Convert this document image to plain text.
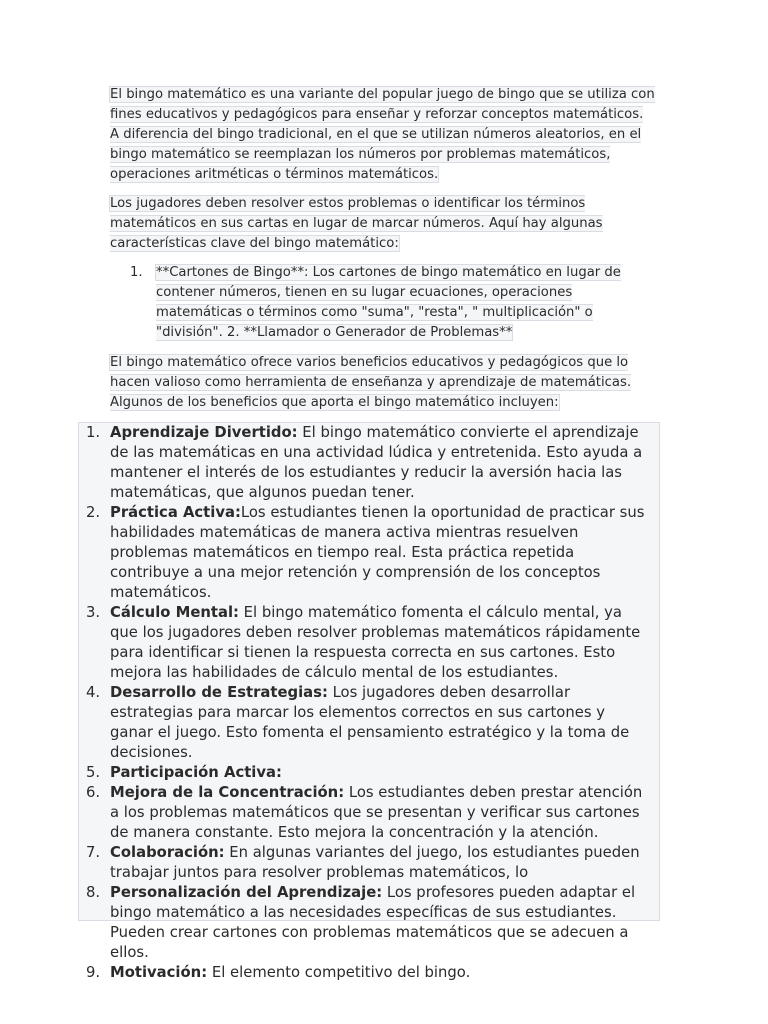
El bingo matemático es una variante del popular juego de bingo que se utiliza con fines educativos y pedagógicos para enseñar y reforzar conceptos matemáticos. A diferencia del bingo tradicional, en el que se utilizan números aleatorios, en el bingo matemático se reemplazan los números por problemas matemáticos, operaciones aritméticas o términos matemáticos.

Los jugadores deben resolver estos problemas o identificar los términos matemáticos en sus cartas en lugar de marcar números. Aquí hay algunas características clave del bingo matemático:

1. **Cartones de Bingo**: Los cartones de bingo matemático en lugar de contener números, tienen en su lugar ecuaciones, operaciones matemáticas o términos como "suma", "resta", " multiplicación" o "división". 2. **Llamador o Generador de Problemas**

El bingo matemático ofrece varios beneficios educativos y pedagógicos que lo hacen valioso como herramienta de enseñanza y aprendizaje de matemáticas. Algunos de los beneficios que aporta el bingo matemático incluyen:

1. Aprendizaje Divertido: El bingo matemático convierte el aprendizaje de las matemáticas en una actividad lúdica y entretenida. Esto ayuda a mantener el interés de los estudiantes y reducir la aversión hacia las matemáticas, que algunos puedan tener.
2. Práctica Activa:Los estudiantes tienen la oportunidad de practicar sus habilidades matemáticas de manera activa mientras resuelven problemas matemáticos en tiempo real. Esta práctica repetida contribuye a una mejor retención y comprensión de los conceptos matemáticos.
3. Cálculo Mental: El bingo matemático fomenta el cálculo mental, ya que los jugadores deben resolver problemas matemáticos rápidamente para identificar si tienen la respuesta correcta en sus cartones. Esto mejora las habilidades de cálculo mental de los estudiantes.
4. Desarrollo de Estrategias: Los jugadores deben desarrollar estrategias para marcar los elementos correctos en sus cartones y ganar el juego. Esto fomenta el pensamiento estratégico y la toma de decisiones.
5. Participación Activa:
6. Mejora de la Concentración: Los estudiantes deben prestar atención a los problemas matemáticos que se presentan y verificar sus cartones de manera constante. Esto mejora la concentración y la atención.
7. Colaboración: En algunas variantes del juego, los estudiantes pueden trabajar juntos para resolver problemas matemáticos, lo
8. Personalización del Aprendizaje: Los profesores pueden adaptar el bingo matemático a las necesidades específicas de sus estudiantes. Pueden crear cartones con problemas matemáticos que se adecuen a ellos.
9. Motivación: El elemento competitivo del bingo.
